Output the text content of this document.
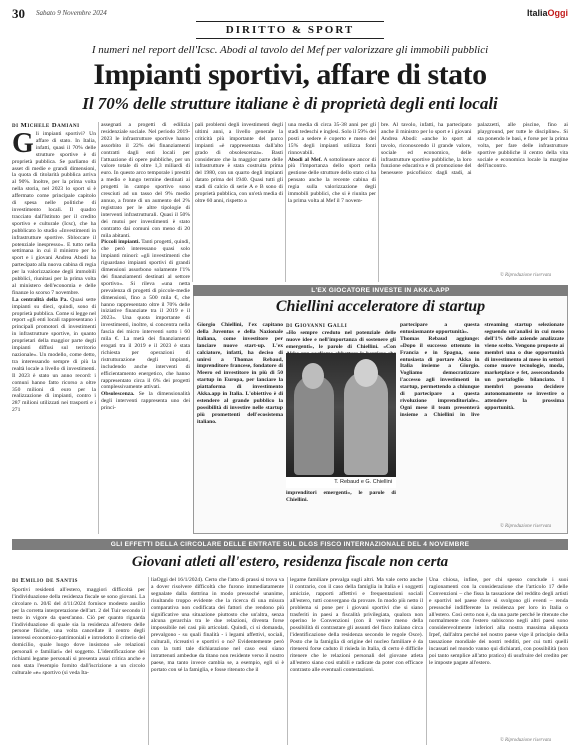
30 Sabato 9 Novembre 2024	ItaliaOggi
DIRITTO & SPORT
I numeri nel report dell'Icsc. Abodi al tavolo del Mef per valorizzare gli immobili pubblici
Impianti sportivi, affare di stato
Il 70% delle strutture italiane è di proprietà degli enti locali
di Michele Damiani
Gli impianti sportivi? Un affare di stato. In Italia, infatti, quasi il 70% delle strutture sportive è di proprietà pubblica. Se parliamo di asset di medie e grandi dimensioni, la quota di titolarità pubblica arriva al 90%. Inoltre, per la prima volta nella storia, nel 2023 lo sport si è affermato come principale capitolo di spesa nelle politiche di investimento locali. Il quadro tracciato dall'Istituto per il credito sportivo e culturale (Icsc), che ha pubblicato lo studio «Investimenti in infrastrutture sportive. Sbloccare il potenziale inespresso». E tutto nella settimana in cui il ministro per lo sport e i giovani Andrea Abodi ha partecipato alla nuova cabina di regia per la valorizzazione degli immobili pubblici, riunitasi per la prima volta al ministero dell'economia e delle finanze lo scorso 7 novembre.
La centralità della Pa. Quasi sette impianti su dieci, quindi, sono di proprietà pubblica. Come si legge nel report «gli enti locali rappresentano i principali promotori di investimenti in infrastrutture sportive, in quanto proprietari della maggior parte degli impianti diffusi sul territorio nazionale». Un modello, come detto, tra interessando sempre di più la realtà locale a livello di investimenti. Il 2023 è stato un anno record: i comuni hanno fatto ricorso a oltre 350 milioni di euro per la realizzazione di impianti, contro i 287 milioni utilizzati nei trasporti e i 271
assegnati a progetti di edilizia residenziale sociale. Nel periodo 2019-2023 le infrastrutture sportive hanno assorbito il 22% dei finanziamenti contratti dagli enti locali per l'attuazione di opere pubbliche, per un valore totale di oltre 1,3 miliardi di euro. In questo arco temporale i prestiti a medio e lungo termine destinati ai progetti in campo sportivo sono cresciuti ad un tasso del 9% medio annuo, a fronte di un aumento del 2% registrato per le altre tipologie di interventi infrastrutturali. Quasi il 50% dei mutui per investimenti è stato contratto dai comuni con meno di 20 mila abitanti.
Piccoli impianti. Tanti progetti, quindi, che però interessano quasi solo impianti minori: «gli investimenti che riguardano impianti sportivi di grandi dimensioni assorbono solamente l'1% dei finanziamenti destinati al settore sportivo». Si rileva «una netta prevalenza di progetti di piccole-medie dimensioni, fino a 500 mila €, che hanno rappresentato oltre il 70% delle iniziative finanziate tra il 2019 e il 2023». Una quota importante di investimenti, inoltre, si concentra nella fascia dei micro interventi sotto i 60 mila €. La metà dei finanziamenti erogati tra il 2019 e il 2023 è stata richiesta per operazioni di ristrutturazione degli impianti, includendo anche interventi di efficientamento energetico, che hanno rappresentato circa il 6% dei progetti complessivamente attivati.
Obsolescenza. Se la dimensionalità degli interventi rappresenta uno dei princi-
pali problemi degli investimenti degli ultimi anni, a livello generale la criticità più importante del parco impianti «è rappresentata dall'alto grado di obsolescenza». Basti considerare che la maggior parte delle infrastrutture è stata costruita prima del 1980, con un quarto degli impianti datato prima del 1940. Quasi tutti gli stadi di calcio di serie A e B sono di proprietà pubblica, con un'età media di oltre 60 anni, rispetto a
una media di circa 35-38 anni per gli stadi tedeschi e inglesi. Solo il 59% dei posti a sedere è coperto e meno del 15% degli impianti utilizza fonti rinnovabili.
Abodi al Mef. A sottolineare ancor di più l'importanza dello sport nella gestione delle strutture dello stato ci ha pensato anche la recente cabina di regia sulla valorizzazione degli immobili pubblici, che si è riunita per la prima volta al Mef il 7 novem-
bre. Al tavolo, infatti, ha partecipato anche il ministro per lo sport e i giovani Andrea Abodi: «anche lo sport al tavolo, riconoscendo il grande valore, sociale ed economico, delle infrastrutture sportive pubbliche, la loro funzione educativa e di promozione del benessere psicofisico: dagli stadi, ai palazzetti, alle piscine, fino ai playground, per tutte le discipline». Si sta ponendo le basi, e forse per la prima volta, per fare delle infrastrutture sportive pubbliche il centro della vita sociale e economica locale la margine dell'incontro.
© Riproduzione riservata
L'EX GIOCATORE INVESTE IN AKKA.APP
Chiellini acceleratore di startup
di Giovanni Galli
Giorgio Chiellini, l'ex capitano della Juventus e della Nazionale italiana, come investitore per lanciare nuove start-up. L'ex calciatore, infatti, ha deciso di unirsi a Thomas Rebaud, imprenditore francese, fondatore di Meero ed investitore in più di 50 startup in Europa, per lanciare la piattaforma di investimento Akka.app in Italia. L'obiettivo è di estendere al grande pubblico la possibilità di investire nelle startup più promettenti dell'ecosistema italiano.
«Ho sempre creduto nel potenziale delle nuove idee e nell'importanza di sostenere gli emergenti», le parole di Chiellini. «Con
T. Rebaud e G. Chiellini
imprenditori emergenti», le parole di Chiellini.
partecipare a questa entusiasmante opportunità».
Thomas Rebaud aggiunge: «Dopo il successo ottenuto in Francia e in Spagna, sono entusiasta di portare Akka in Italia insieme a Giorgio. Vogliamo democratizzare l'accesso agli investimenti in startup, permettendo a chiunque di partecipare a questa rivoluzione imprenditoriale». Ogni mese il team presenterà insieme a Chiellini in live streaming startup selezionate seguendo un'analisi in cui meno dell'1% delle aziende analizzate viene scelto. Vengono proposte ai membri una o due opportunità di investimento al mese in settori come nuove tecnologie, moda, marketplace e fet, assecondando un portafoglio bilanciato. I membri possono decidere autonomamente se investire o attendere la prossima opportunità.
© Riproduzione riservata
GLI EFFETTI DELLA CIRCOLARE DELLE ENTRATE SUL DLGS FISCO INTERNAZIONALE DEL 4 NOVEMBRE
Giovani atleti all'estero, residenza fiscale non certa
di Emilio de Santis
Sportivi residenti all'estero, maggiori difficoltà per l'individuazione della residenza fiscale se sono giovani. La circolare n. 20/E del 4/11/2024 fornisce modesto ausilio per la corretta interpretazione dell'art. 2 del Tuir secondo il testo in vigore da quest'anno. Ciò per quanto riguarda l'individuazione di quale sia la residenza all'estero delle persone fisiche, una volta cancellate il centro degli interessi economico-patrimoniali e introdotto il criterio del domicilio, quale luogo dove insistono «le relazioni personali e familiari» del soggetto. L'identificazione dei richiami legame personali si presenta assai critica anche e non stata l'esempio fornito dall'iscrizione a un circolo culturale «e» sportivo (si veda Ita-
liaOggi del 16/1/2024). Certo che l'atto di prassi si trova va a dover risolvere difficoltà che furono immediatamente segnalate dalla dottrina in modo pressoché unanime, risultando troppo evidente che la ricerca di una misura comparativa non codificata dei fattori che rendono più significative una situazione piuttosto che un'altra, senza alcuna gerarchia tra le due relazioni, diventa forse impossibile nei casi più articolati. Quindi, ci si domanda, prevalgono - su quali finalità - i legami affettivi, sociali, culturali, ricreativi e sportivi o no? Evidentemente però con la tutti tale dichiarazione nel caso essi siano intrattenuti ambedue da titano non residente verso il nostro paese, ma tanto invece cambia se, a esempio, egli si è portato con sé la famiglia, e fosse ritenuto che il
legame familiare prevalga sugli altri. Ma vale certo anche il contrario, con il caso della famiglia in Italia e i soggetti amicizie, rapporti affettivi e frequentazioni sociali all'estero, tutti convergano da provare. In modo più netto il problema si pone per i giovani sportivi che si siano trasferiti in paesi a fiscalità privilegiata, qualora non operino le Convenzioni (con il venire meno della possibilità di contrastare gli assunti del fisco italiano circa l'identificazione della residenza secondo le regole Osce). Posto che la famiglia di origine del nucleo familiare è da ritenersi forse caduto il risieda in Italia, di certo è difficile ritenere che le relazioni personali del giovane atleta all'estero siano così stabili e radicate da poter con efficace contrasto alle eventuali contestazioni.
Una chiosa, infine, per chi spesso conclude i suoi ragionamenti con la considerazione che l'articolo 17 delle Convenzioni – che fissa la tassazione del reddito degli artisti e sportivi nel paese dove si svolgono gli eventi – renda pressoché indifferente la residenza per loro in Italia o all'estero. Così certo non è, da una parte perché le ritenute che normalmente con l'estero subiscono negli altri paesi sono considerevolmente inferiori alla nostra massima aliquota Irpef, dall'altra perché nel nostro paese vige il principio della tassazione mondiale dei nostri redditi, per cui tutti quelli incassati nel mondo vanno qui dichiarati, con possibilità (non poi tanto semplice all'atto pratico) di usufruire del credito per le imposte pagate all'estero.
© Riproduzione riservata
